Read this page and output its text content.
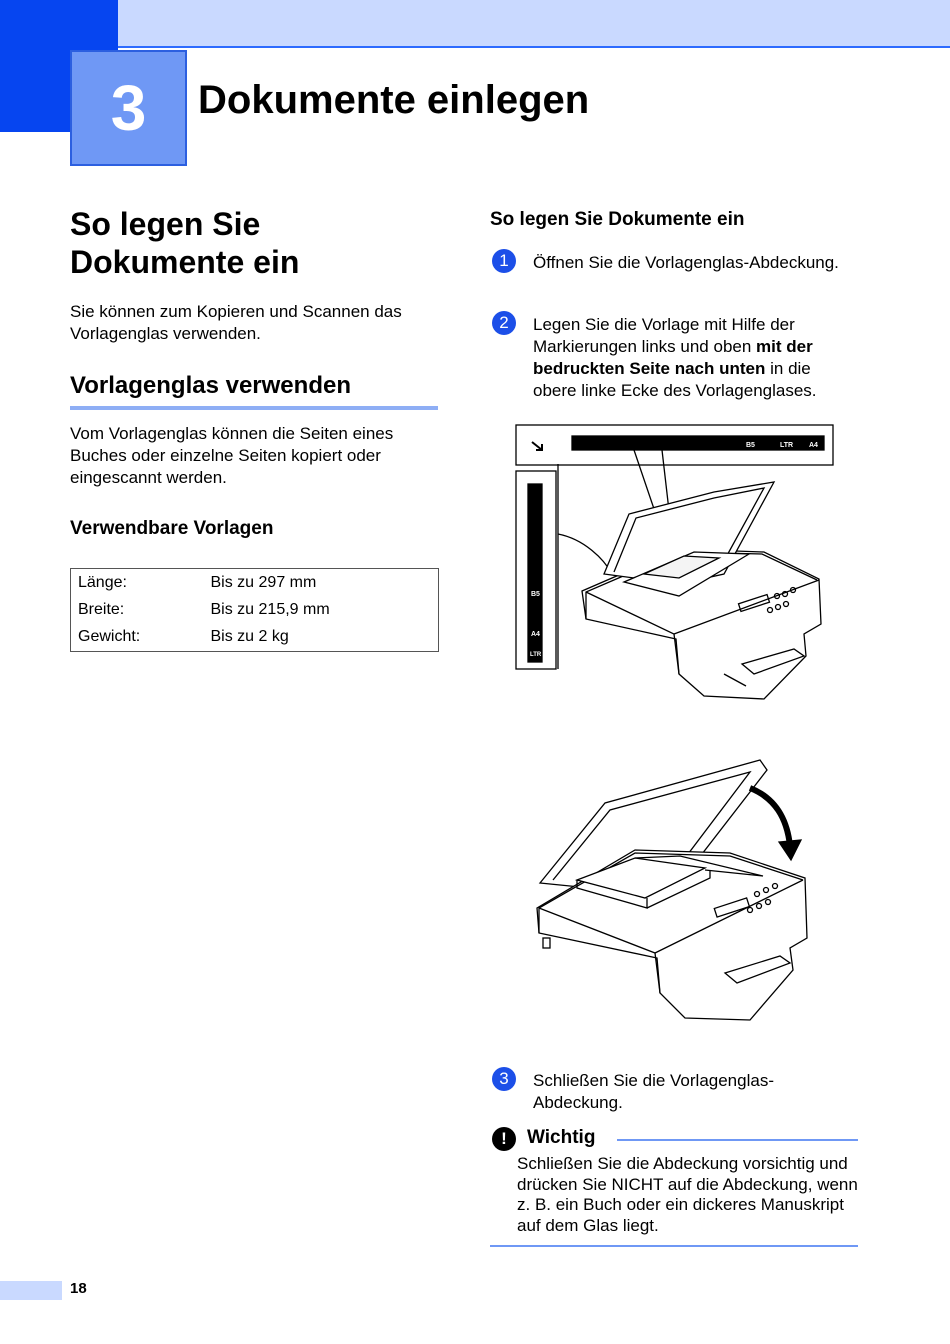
3 Dokumente einlegen
So legen Sie Dokumente ein
Sie können zum Kopieren und Scannen das Vorlagenglas verwenden.
Vorlagenglas verwenden
Vom Vorlagenglas können die Seiten eines Buches oder einzelne Seiten kopiert oder eingescannt werden.
Verwendbare Vorlagen
Länge:	Bis zu 297 mm
Breite:	Bis zu 215,9 mm
Gewicht:	Bis zu 2 kg
So legen Sie Dokumente ein
1	Öffnen Sie die Vorlagenglas-Abdeckung.
2	Legen Sie die Vorlage mit Hilfe der Markierungen links und oben mit der bedruckten Seite nach unten in die obere linke Ecke des Vorlagenglases.
B5	LTR A4
B5
A4
LTR
3	Schließen Sie die Vorlagenglas-Abdeckung.
!	Wichtig
Schließen Sie die Abdeckung vorsichtig und drücken Sie NICHT auf die Abdeckung, wenn z. B. ein Buch oder ein dickeres Manuskript auf dem Glas liegt.
18
